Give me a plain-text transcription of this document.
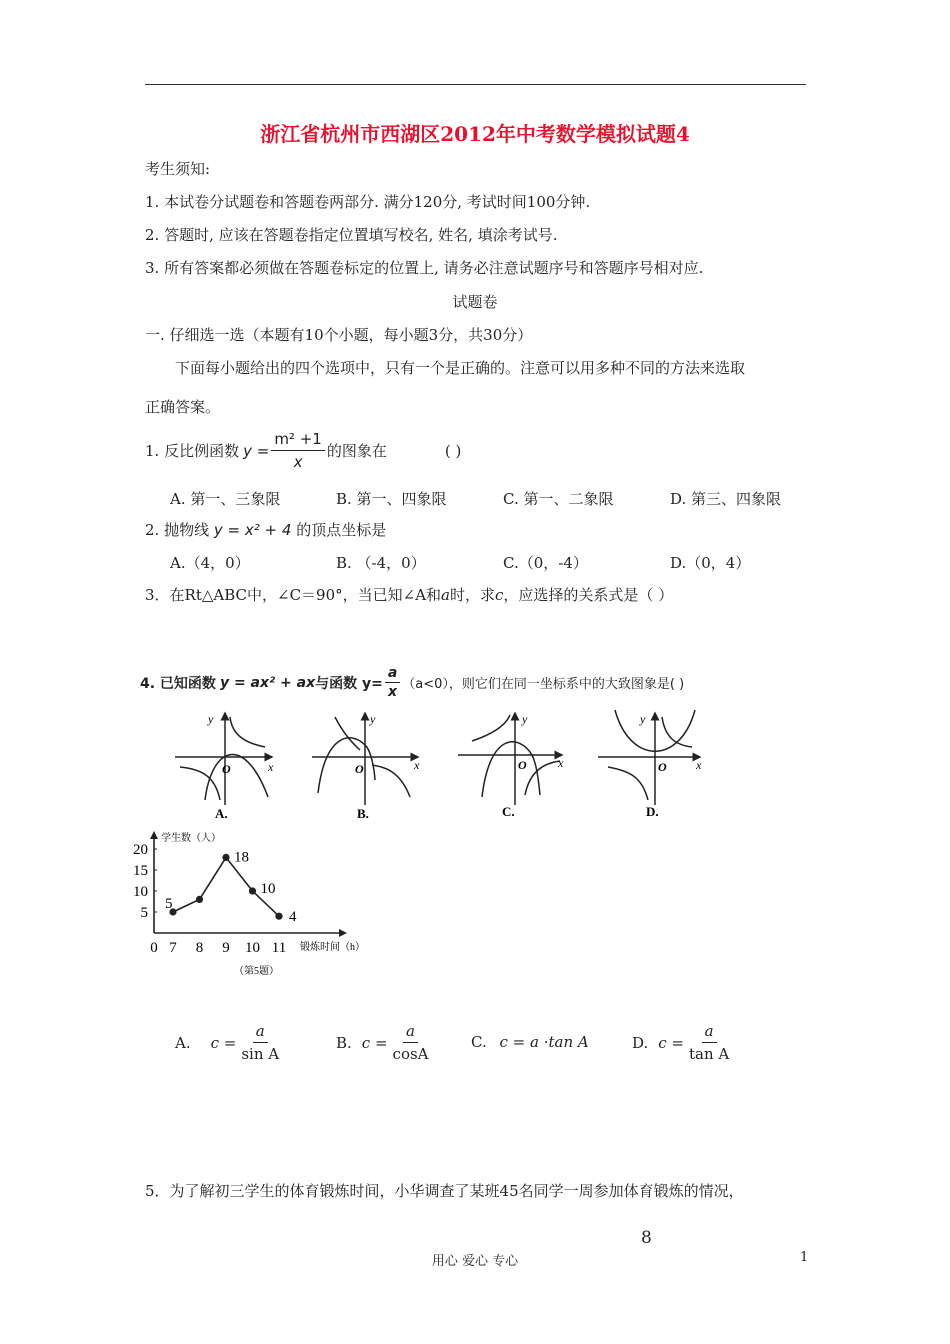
浙江省杭州市西湖区2012年中考数学模拟试题4
考生须知:
1. 本试卷分试题卷和答题卷两部分. 满分120分, 考试时间100分钟.
2. 答题时, 应该在答题卷指定位置填写校名, 姓名, 填涂考试号.
3. 所有答案都必须做在答题卷标定的位置上, 请务必注意试题序号和答题序号相对应.
试题卷
一. 仔细选一选（本题有10个小题，每小题3分，共30分）
下面每小题给出的四个选项中，只有一个是正确的。注意可以用多种不同的方法来选取
正确答案。
1. 反比例函数 $y = \frac{\text{m² +1}}{x}$ 的图象在	( )
A. 第一、三象限	B. 第一、四象限	C. 第一、二象限	D. 第三、四象限
2. 抛物线 y = x² + 4 的顶点坐标是
A.（4，0）	B. （-4，0）	C.（0，-4）	D.（0，4）
3．在Rt△ABC中，∠C＝90°，当已知∠A和a时，求c，应选择的关系式是（ ）
4. 已知函数 y = ax² + ax 与函数 $y= \frac{a}{x} (a<0)$，则它们在同一坐标系中的大致图象是( )
y
x
O
y
x
O
y
x
O
y
x
O
A.	B.	C.	D.
学生数（人）
锻炼时间（h）
5
10
15
20
0 7 8 9 10 11
5
18
10
4
（第5题）
A. $c = \frac{a}{\text{sin A}}$	B. $c = \frac{a}{\cos A}$	C. c = a ·tan A	D. $c = \frac{a}{\text{tan A}}$
5．为了解初三学生的体育锻炼时间，小华调查了某班45名同学一周参加体育锻炼的情况，
8
用心 爱心 专心	1
